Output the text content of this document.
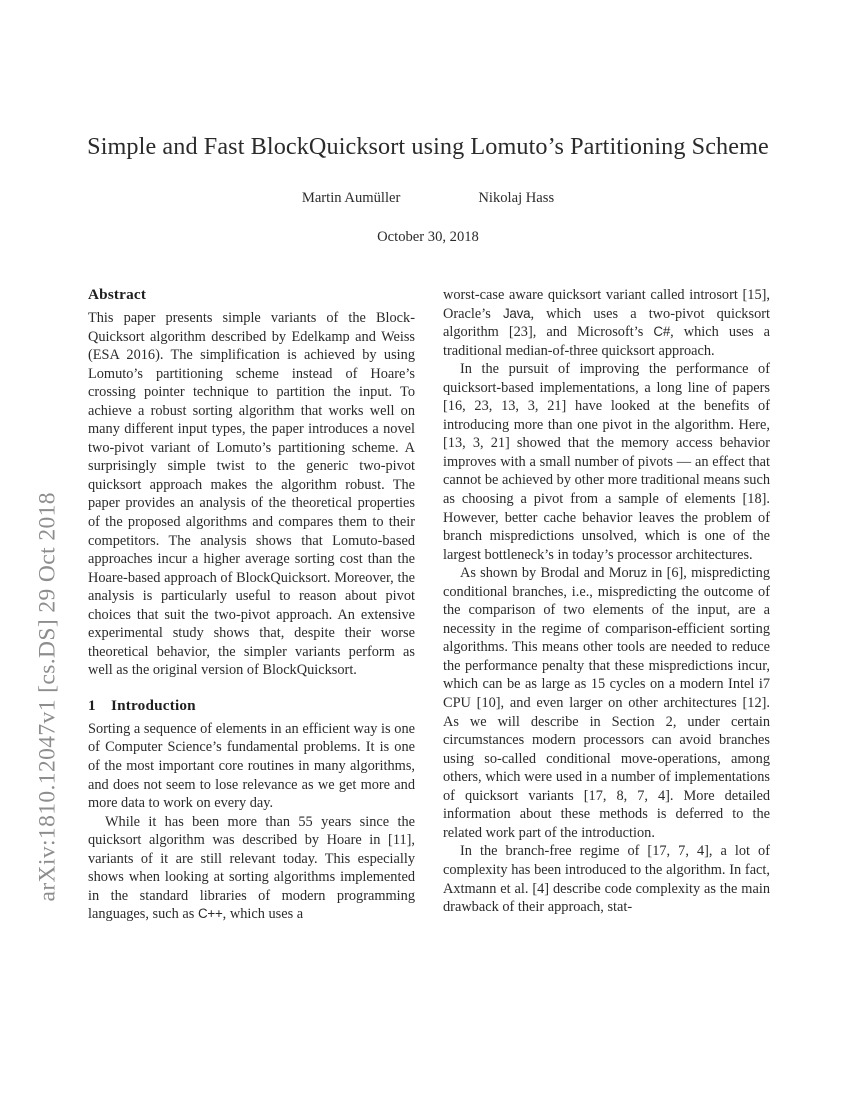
arXiv:1810.12047v1 [cs.DS] 29 Oct 2018
Simple and Fast BlockQuicksort using Lomuto’s Partitioning Scheme
Martin Aumüller	Nikolaj Hass
October 30, 2018
Abstract

This paper presents simple variants of the BlockQuicksort algorithm described by Edelkamp and Weiss (ESA 2016). The simplification is achieved by using Lomuto’s partitioning scheme instead of Hoare’s crossing pointer technique to partition the input. To achieve a robust sorting algorithm that works well on many different input types, the paper introduces a novel two-pivot variant of Lomuto’s partitioning scheme. A surprisingly simple twist to the generic two-pivot quicksort approach makes the algorithm robust. The paper provides an analysis of the theoretical properties of the proposed algorithms and compares them to their competitors. The analysis shows that Lomuto-based approaches incur a higher average sorting cost than the Hoare-based approach of BlockQuicksort. Moreover, the analysis is particularly useful to reason about pivot choices that suit the two-pivot approach. An extensive experimental study shows that, despite their worse theoretical behavior, the simpler variants perform as well as the original version of BlockQuicksort.

1 Introduction

Sorting a sequence of elements in an efficient way is one of Computer Science’s fundamental problems. It is one of the most important core routines in many algorithms, and does not seem to lose relevance as we get more and more data to work on every day.

While it has been more than 55 years since the quicksort algorithm was described by Hoare in [11], variants of it are still relevant today. This especially shows when looking at sorting algorithms implemented in the standard libraries of modern programming languages, such as C++, which uses a

worst-case aware quicksort variant called introsort [15], Oracle’s Java, which uses a two-pivot quicksort algorithm [23], and Microsoft’s C#, which uses a traditional median-of-three quicksort approach.

In the pursuit of improving the performance of quicksort-based implementations, a long line of papers [16, 23, 13, 3, 21] have looked at the benefits of introducing more than one pivot in the algorithm. Here, [13, 3, 21] showed that the memory access behavior improves with a small number of pivots — an effect that cannot be achieved by other more traditional means such as choosing a pivot from a sample of elements [18]. However, better cache behavior leaves the problem of branch mispredictions unsolved, which is one of the largest bottleneck’s in today’s processor architectures.

As shown by Brodal and Moruz in [6], mispredicting conditional branches, i.e., mispredicting the outcome of the comparison of two elements of the input, are a necessity in the regime of comparison-efficient sorting algorithms. This means other tools are needed to reduce the performance penalty that these mispredictions incur, which can be as large as 15 cycles on a modern Intel i7 CPU [10], and even larger on other architectures [12]. As we will describe in Section 2, under certain circumstances modern processors can avoid branches using so-called conditional move-operations, among others, which were used in a number of implementations of quicksort variants [17, 8, 7, 4]. More detailed information about these methods is deferred to the related work part of the introduction.

In the branch-free regime of [17, 7, 4], a lot of complexity has been introduced to the algorithm. In fact, Axtmann et al. [4] describe code complexity as the main drawback of their approach, stat-
